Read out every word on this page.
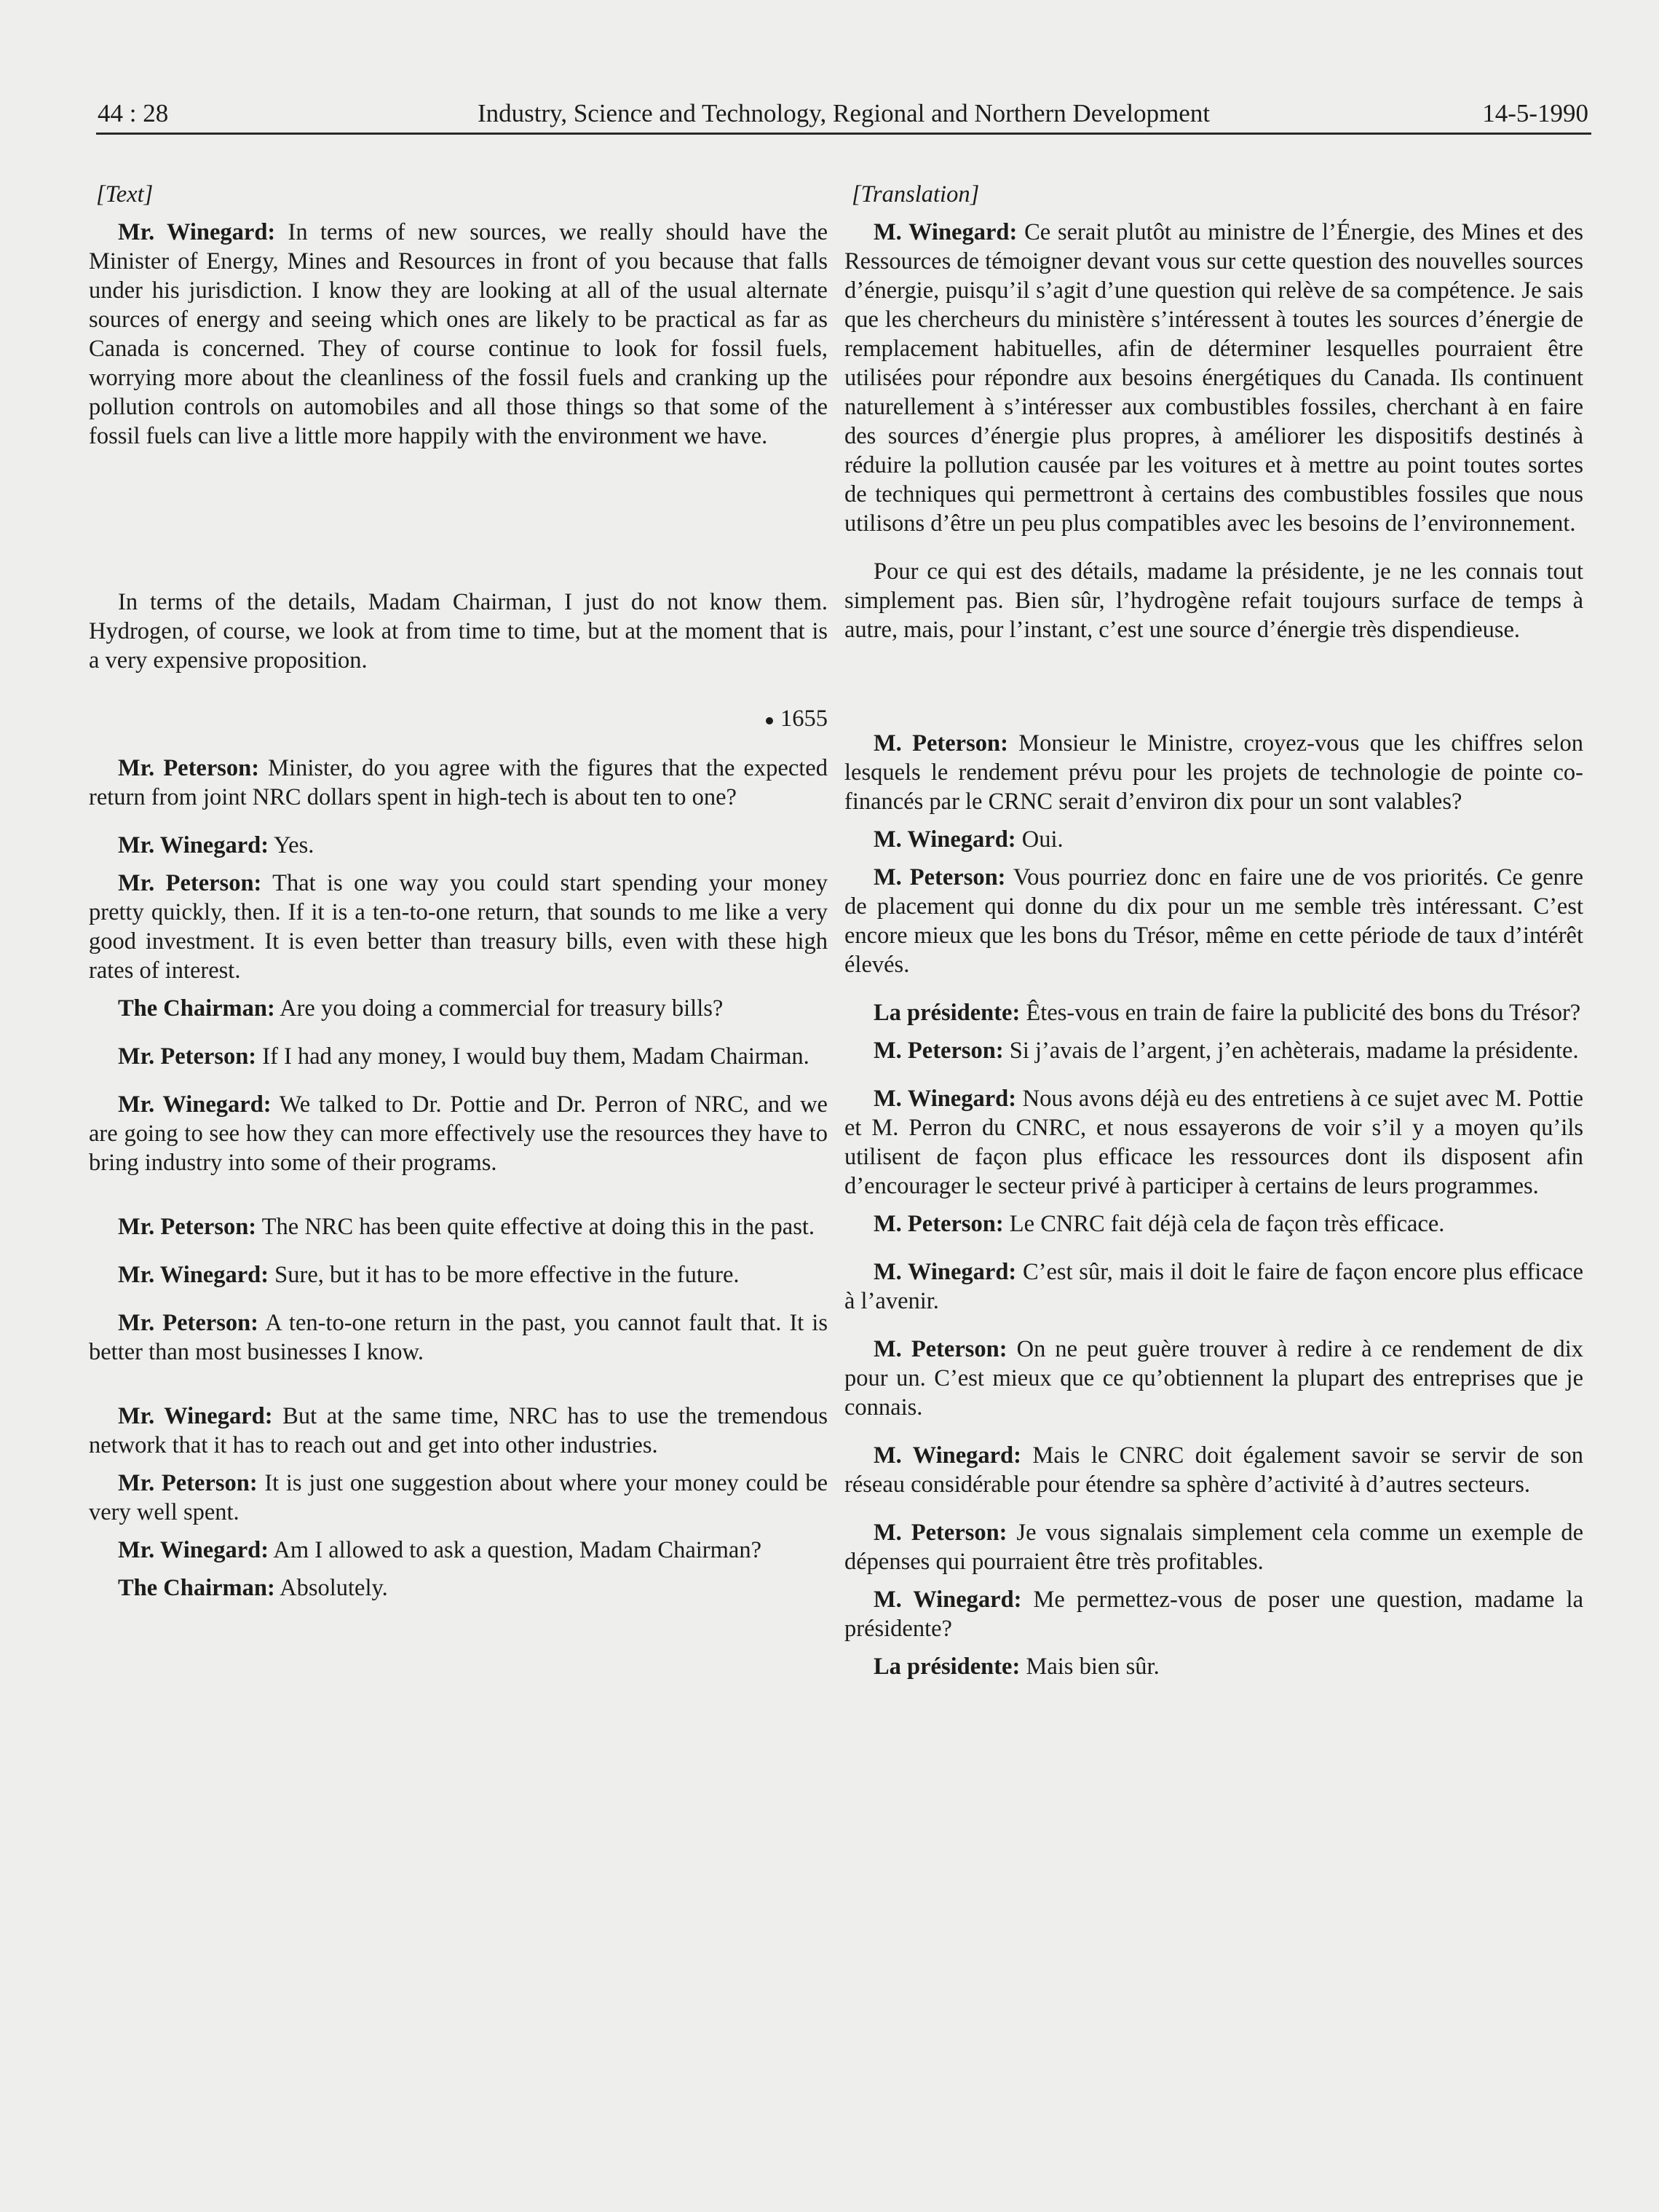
44 : 28	Industry, Science and Technology, Regional and Northern Development	14-5-1990
[Text]

Mr. Winegard: In terms of new sources, we really should have the Minister of Energy, Mines and Resources in front of you because that falls under his jurisdiction. I know they are looking at all of the usual alternate sources of energy and seeing which ones are likely to be practical as far as Canada is concerned. They of course continue to look for fossil fuels, worrying more about the cleanliness of the fossil fuels and cranking up the pollution controls on automobiles and all those things so that some of the fossil fuels can live a little more happily with the environment we have.

In terms of the details, Madam Chairman, I just do not know them. Hydrogen, of course, we look at from time to time, but at the moment that is a very expensive proposition.

1655

Mr. Peterson: Minister, do you agree with the figures that the expected return from joint NRC dollars spent in high-tech is about ten to one?

Mr. Winegard: Yes.

Mr. Peterson: That is one way you could start spending your money pretty quickly, then. If it is a ten-to-one return, that sounds to me like a very good investment. It is even better than treasury bills, even with these high rates of interest.

The Chairman: Are you doing a commercial for treasury bills?

Mr. Peterson: If I had any money, I would buy them, Madam Chairman.

Mr. Winegard: We talked to Dr. Pottie and Dr. Perron of NRC, and we are going to see how they can more effectively use the resources they have to bring industry into some of their programs.

Mr. Peterson: The NRC has been quite effective at doing this in the past.

Mr. Winegard: Sure, but it has to be more effective in the future.

Mr. Peterson: A ten-to-one return in the past, you cannot fault that. It is better than most businesses I know.

Mr. Winegard: But at the same time, NRC has to use the tremendous network that it has to reach out and get into other industries.

Mr. Peterson: It is just one suggestion about where your money could be very well spent.

Mr. Winegard: Am I allowed to ask a question, Madam Chairman?

The Chairman: Absolutely.

[Translation]

M. Winegard: Ce serait plutôt au ministre de l’Énergie, des Mines et des Ressources de témoigner devant vous sur cette question des nouvelles sources d’énergie, puisqu’il s’agit d’une question qui relève de sa compétence. Je sais que les chercheurs du ministère s’intéressent à toutes les sources d’énergie de remplacement habituelles, afin de déterminer lesquelles pourraient être utilisées pour répondre aux besoins énergétiques du Canada. Ils continuent naturellement à s’intéresser aux combustibles fossiles, cherchant à en faire des sources d’énergie plus propres, à améliorer les dispositifs destinés à réduire la pollution causée par les voitures et à mettre au point toutes sortes de techniques qui permettront à certains des combustibles fossiles que nous utilisons d’être un peu plus compatibles avec les besoins de l’environnement.

Pour ce qui est des détails, madame la présidente, je ne les connais tout simplement pas. Bien sûr, l’hydrogène refait toujours surface de temps à autre, mais, pour l’instant, c’est une source d’énergie très dispendieuse.

M. Peterson: Monsieur le Ministre, croyez-vous que les chiffres selon lesquels le rendement prévu pour les projets de technologie de pointe co-financés par le CRNC serait d’environ dix pour un sont valables?

M. Winegard: Oui.

M. Peterson: Vous pourriez donc en faire une de vos priorités. Ce genre de placement qui donne du dix pour un me semble très intéressant. C’est encore mieux que les bons du Trésor, même en cette période de taux d’intérêt élevés.

La présidente: Êtes-vous en train de faire la publicité des bons du Trésor?

M. Peterson: Si j’avais de l’argent, j’en achèterais, madame la présidente.

M. Winegard: Nous avons déjà eu des entretiens à ce sujet avec M. Pottie et M. Perron du CNRC, et nous essayerons de voir s’il y a moyen qu’ils utilisent de façon plus efficace les ressources dont ils disposent afin d’encourager le secteur privé à participer à certains de leurs programmes.

M. Peterson: Le CNRC fait déjà cela de façon très efficace.

M. Winegard: C’est sûr, mais il doit le faire de façon encore plus efficace à l’avenir.

M. Peterson: On ne peut guère trouver à redire à ce rendement de dix pour un. C’est mieux que ce qu’obtiennent la plupart des entreprises que je connais.

M. Winegard: Mais le CNRC doit également savoir se servir de son réseau considérable pour étendre sa sphère d’activité à d’autres secteurs.

M. Peterson: Je vous signalais simplement cela comme un exemple de dépenses qui pourraient être très profitables.

M. Winegard: Me permettez-vous de poser une question, madame la présidente?

La présidente: Mais bien sûr.
